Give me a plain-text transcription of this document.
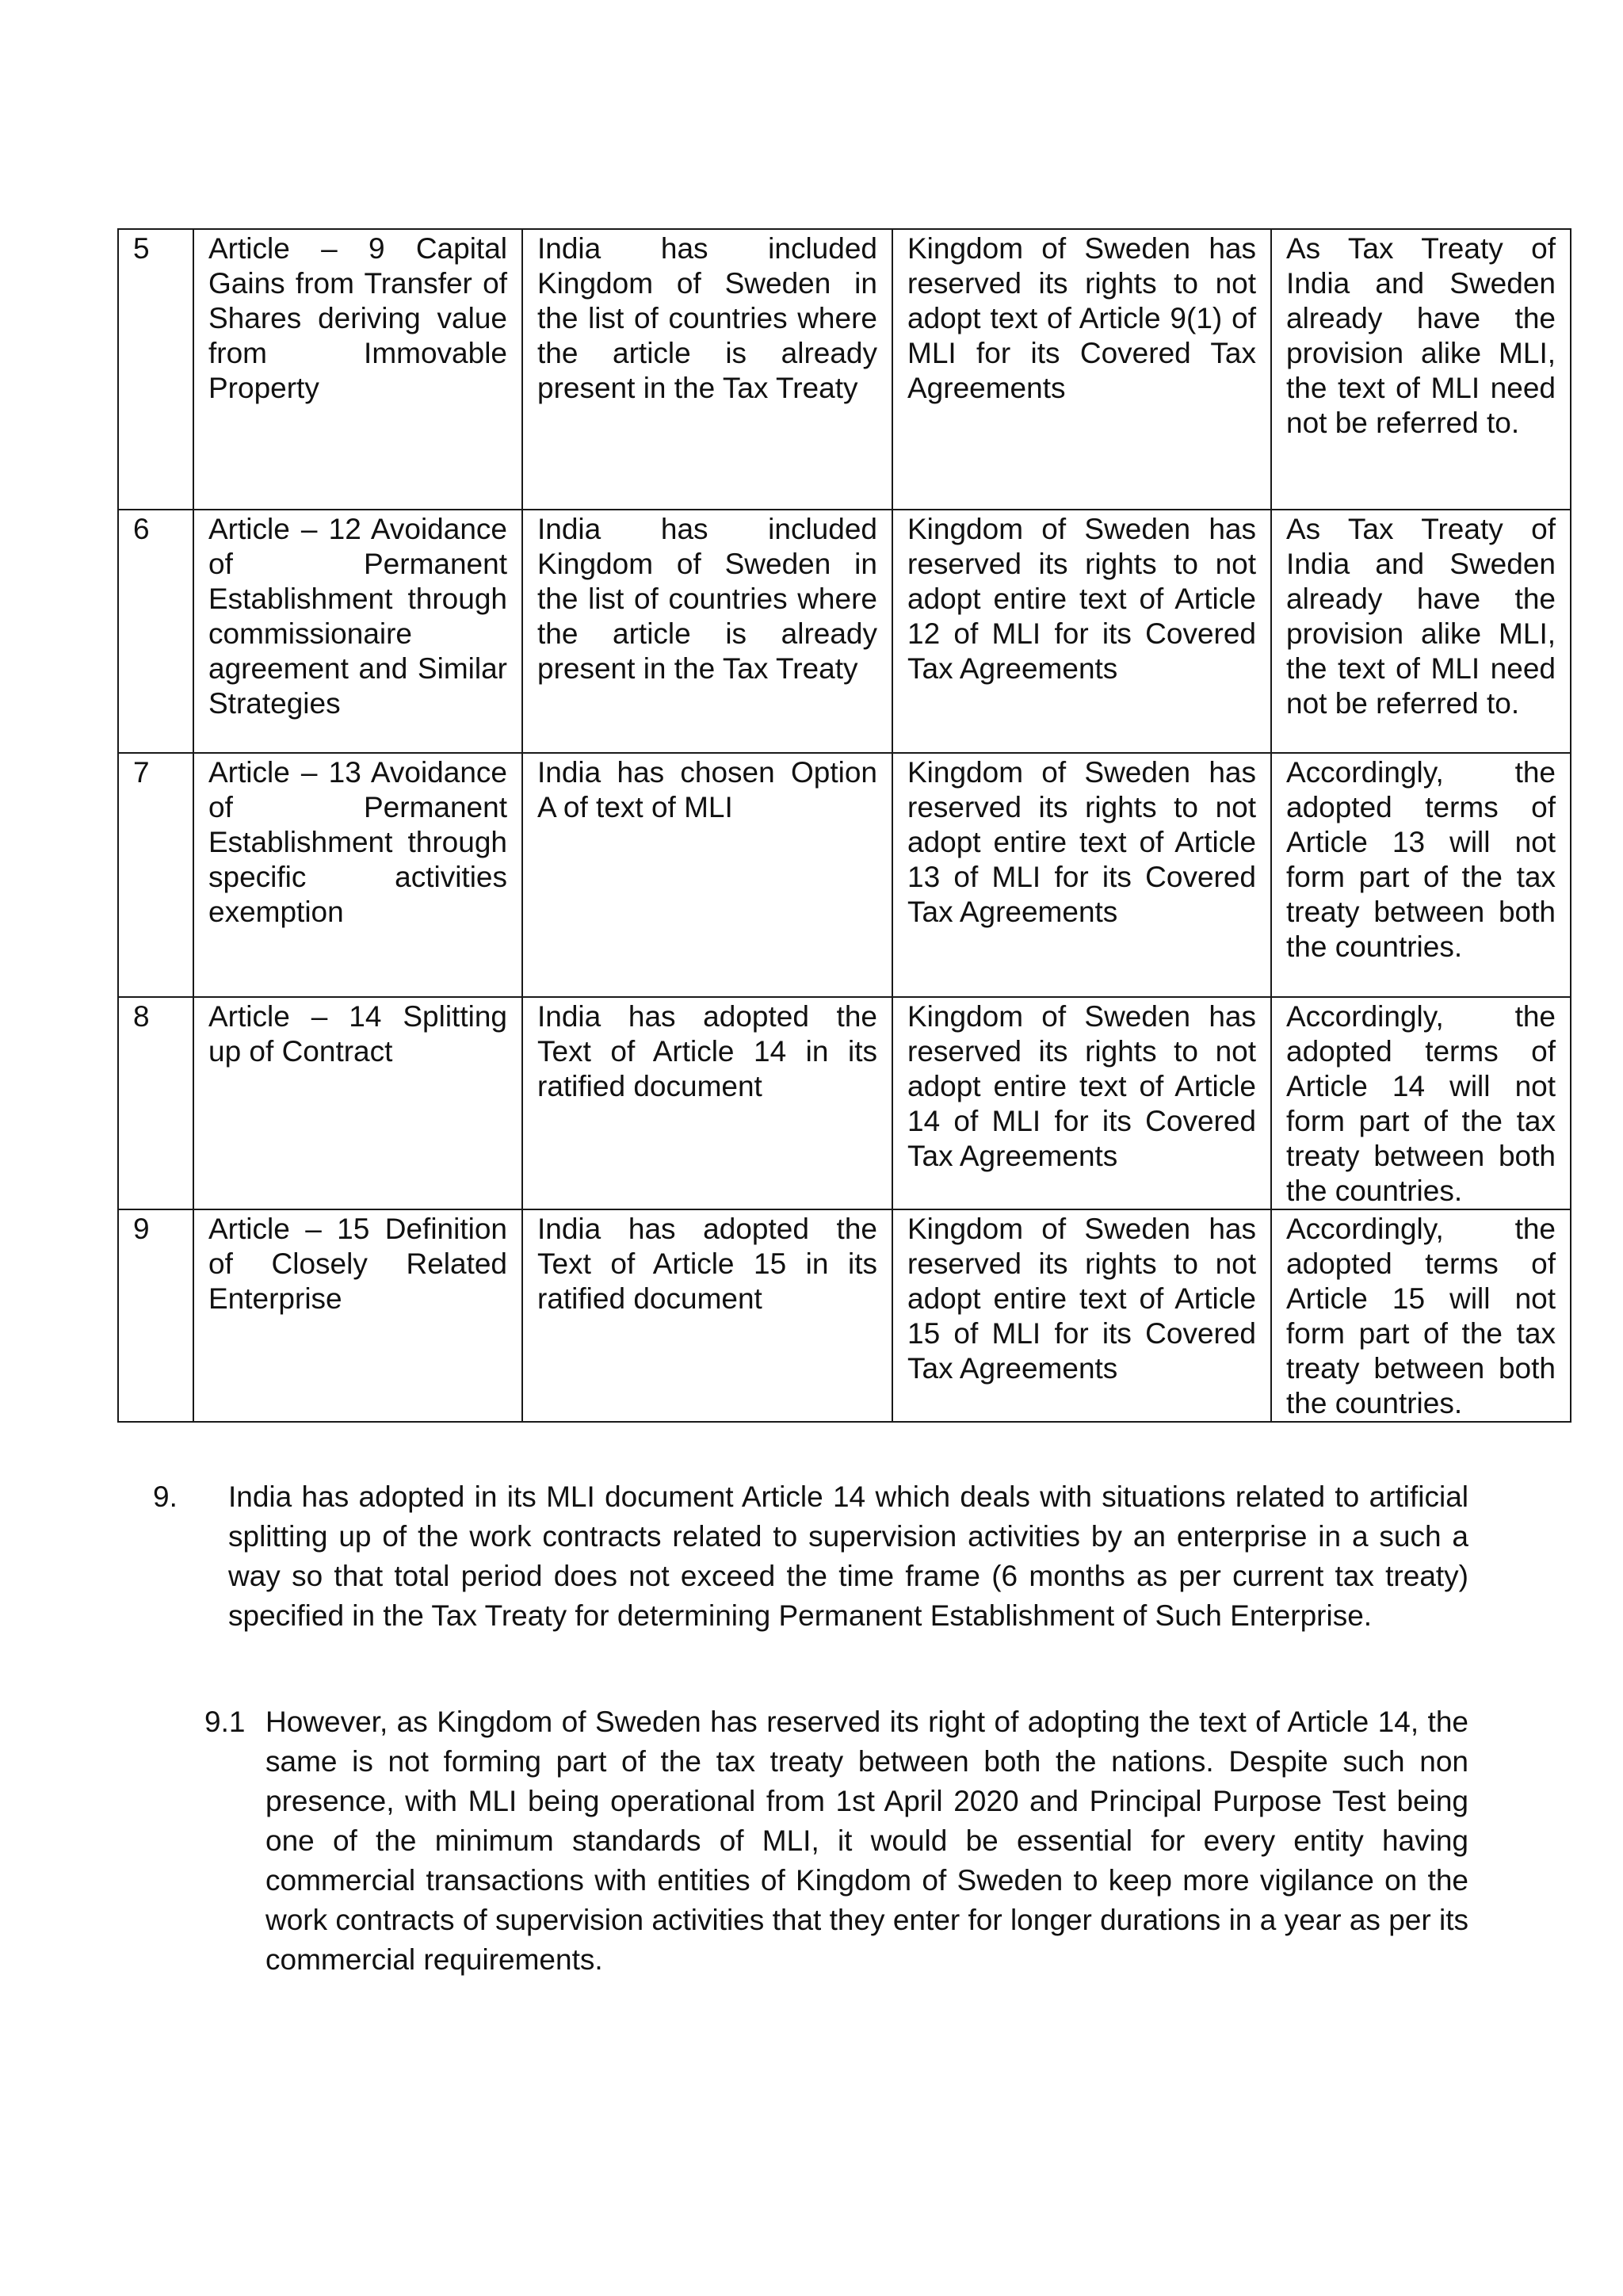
5	Article – 9 Capital Gains from Transfer of Shares deriving value from Immovable Property	India has included Kingdom of Sweden in the list of countries where the article is already present in the Tax Treaty	Kingdom of Sweden has reserved its rights to not adopt text of Article 9(1) of MLI for its Covered Tax Agreements	As Tax Treaty of India and Sweden already have the provision alike MLI, the text of MLI need not be referred to.
6	Article – 12 Avoidance of Permanent Establishment through commissionaire agreement and Similar Strategies	India has included Kingdom of Sweden in the list of countries where the article is already present in the Tax Treaty	Kingdom of Sweden has reserved its rights to not adopt entire text of Article 12 of MLI for its Covered Tax Agreements	As Tax Treaty of India and Sweden already have the provision alike MLI, the text of MLI need not be referred to.
7	Article – 13 Avoidance of Permanent Establishment through specific activities exemption	India has chosen Option A of text of MLI	Kingdom of Sweden has reserved its rights to not adopt entire text of Article 13 of MLI for its Covered Tax Agreements	Accordingly, the adopted terms of Article 13 will not form part of the tax treaty between both the countries.
8	Article – 14 Splitting up of Contract	India has adopted the Text of Article 14 in its ratified document	Kingdom of Sweden has reserved its rights to not adopt entire text of Article 14 of MLI for its Covered Tax Agreements	Accordingly, the adopted terms of Article 14 will not form part of the tax treaty between both the countries.
9	Article – 15 Definition of Closely Related Enterprise	India has adopted the Text of Article 15 in its ratified document	Kingdom of Sweden has reserved its rights to not adopt entire text of Article 15 of MLI for its Covered Tax Agreements	Accordingly, the adopted terms of Article 15 will not form part of the tax treaty between both the countries.
9. India has adopted in its MLI document Article 14 which deals with situations related to artificial splitting up of the work contracts related to supervision activities by an enterprise in a such a way so that total period does not exceed the time frame (6 months as per current tax treaty) specified in the Tax Treaty for determining Permanent Establishment of Such Enterprise.
9.1 However, as Kingdom of Sweden has reserved its right of adopting the text of Article 14, the same is not forming part of the tax treaty between both the nations. Despite such non presence, with MLI being operational from 1st April 2020 and Principal Purpose Test being one of the minimum standards of MLI, it would be essential for every entity having commercial transactions with entities of Kingdom of Sweden to keep more vigilance on the work contracts of supervision activities that they enter for longer durations in a year as per its commercial requirements.
